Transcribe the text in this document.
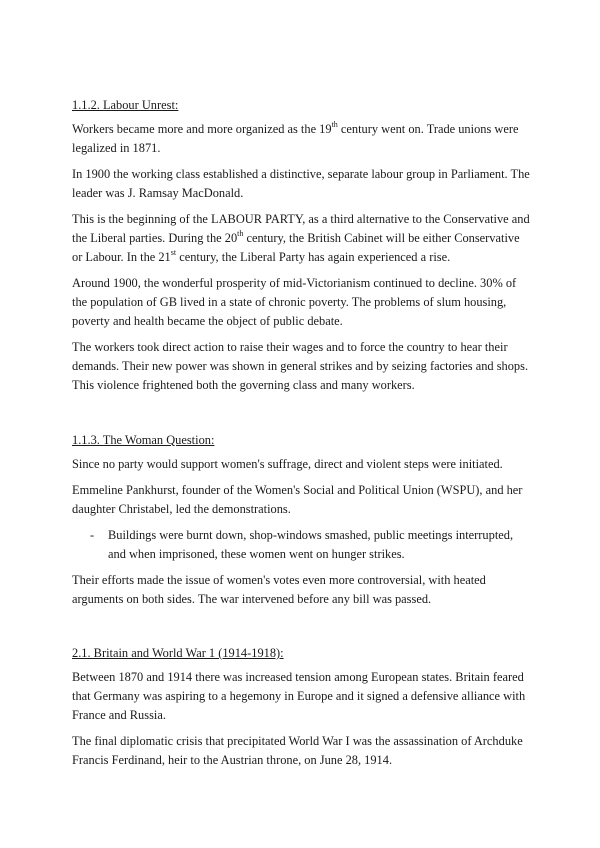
1.1.2. Labour Unrest:

Workers became more and more organized as the 19th century went on. Trade unions were legalized in 1871.

In 1900 the working class established a distinctive, separate labour group in Parliament. The leader was J. Ramsay MacDonald.

This is the beginning of the LABOUR PARTY, as a third alternative to the Conservative and the Liberal parties. During the 20th century, the British Cabinet will be either Conservative or Labour. In the 21st century, the Liberal Party has again experienced a rise.

Around 1900, the wonderful prosperity of mid-Victorianism continued to decline. 30% of the population of GB lived in a state of chronic poverty. The problems of slum housing, poverty and health became the object of public debate.

The workers took direct action to raise their wages and to force the country to hear their demands. Their new power was shown in general strikes and by seizing factories and shops. This violence frightened both the governing class and many workers.

1.1.3. The Woman Question:

Since no party would support women's suffrage, direct and violent steps were initiated.

Emmeline Pankhurst, founder of the Women's Social and Political Union (WSPU), and her daughter Christabel, led the demonstrations.

-	Buildings were burnt down, shop-windows smashed, public meetings interrupted, and when imprisoned, these women went on hunger strikes.

Their efforts made the issue of women's votes even more controversial, with heated arguments on both sides. The war intervened before any bill was passed.

2.1. Britain and World War 1 (1914-1918):

Between 1870 and 1914 there was increased tension among European states. Britain feared that Germany was aspiring to a hegemony in Europe and it signed a defensive alliance with France and Russia.

The final diplomatic crisis that precipitated World War I was the assassination of Archduke Francis Ferdinand, heir to the Austrian throne, on June 28, 1914.
